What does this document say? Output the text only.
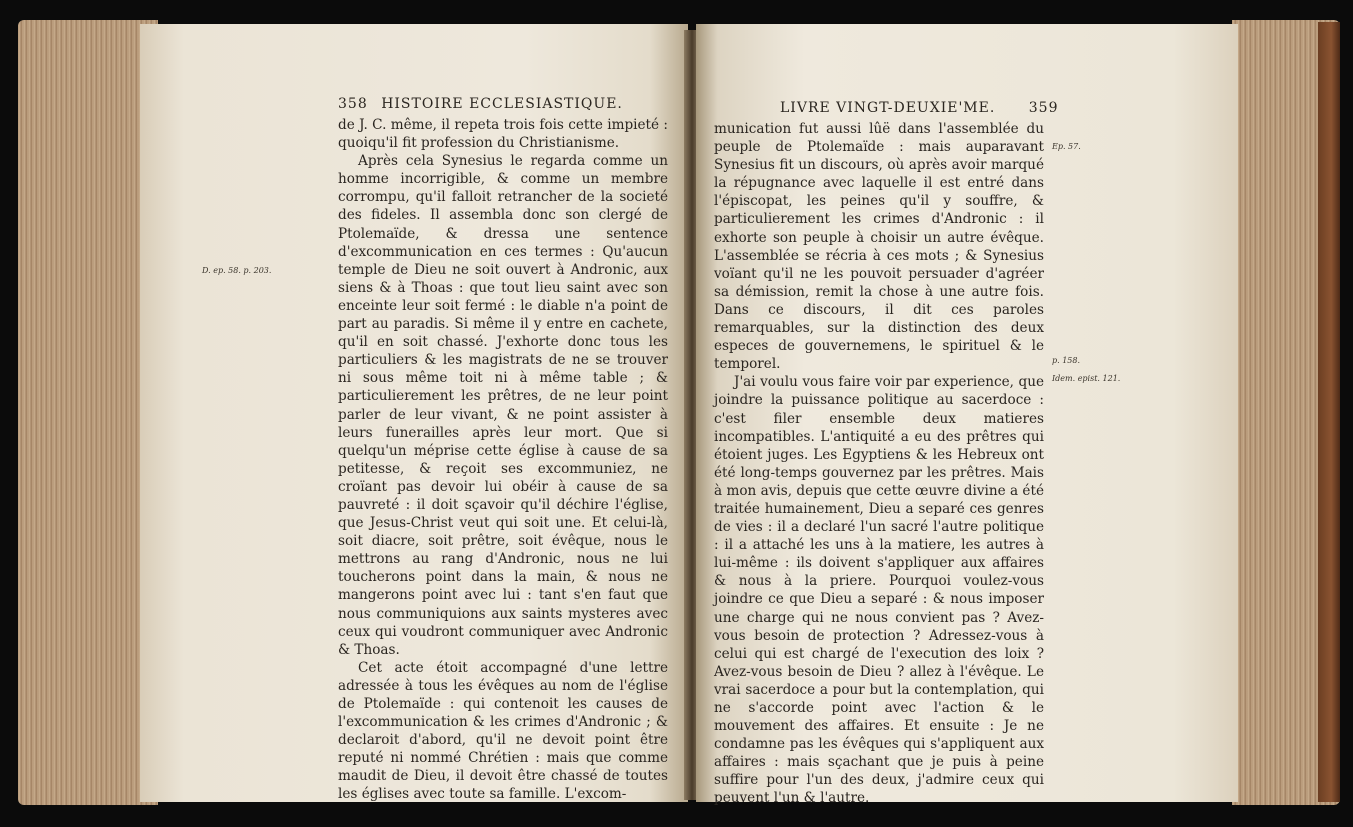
358 HISTOIRE ECCLESIASTIQUE.
D. ep. 58. p. 203.

de J. C. même, il repeta trois fois cette impieté : quoiqu'il fit profession du Christianisme.

Après cela Synesius le regarda comme un homme incorrigible, & comme un membre corrompu, qu'il falloit retrancher de la societé des fideles. Il assembla donc son clergé de Ptolemaïde, & dressa une sentence d'excommunication en ces termes : Qu'aucun temple de Dieu ne soit ouvert à Andronic, aux siens & à Thoas : que tout lieu saint avec son enceinte leur soit fermé : le diable n'a point de part au paradis. Si même il y entre en cachete, qu'il en soit chassé. J'exhorte donc tous les particuliers & les magistrats de ne se trouver ni sous même toit ni à même table ; & particulierement les prêtres, de ne leur point parler de leur vivant, & ne point assister à leurs funerailles après leur mort. Que si quelqu'un méprise cette église à cause de sa petitesse, & reçoit ses excommuniez, ne croïant pas devoir lui obéir à cause de sa pauvreté : il doit sçavoir qu'il déchire l'église, que Jesus-Christ veut qui soit une. Et celui-là, soit diacre, soit prêtre, soit évêque, nous le mettrons au rang d'Andronic, nous ne lui toucherons point dans la main, & nous ne mangerons point avec lui : tant s'en faut que nous communiquions aux saints mysteres avec ceux qui voudront communiquer avec Andronic & Thoas.

Cet acte étoit accompagné d'une lettre adressée à tous les évêques au nom de l'église de Ptolemaïde : qui contenoit les causes de l'excommunication & les crimes d'Andronic ; & declaroit d'abord, qu'il ne devoit point être reputé ni nommé Chrétien : mais que comme maudit de Dieu, il devoit être chassé de toutes les églises avec toute sa famille. L'excom-

LIVRE VINGT-DEUXIE'ME. 359
Ep. 57.
p. 158.
Idem. epist. 121.

munication fut aussi lûë dans l'assemblée du peuple de Ptolemaïde : mais auparavant Synesius fit un discours, où après avoir marqué la répugnance avec laquelle il est entré dans l'épiscopat, les peines qu'il y souffre, & particulierement les crimes d'Andronic : il exhorte son peuple à choisir un autre évêque. L'assemblée se récria à ces mots ; & Synesius voïant qu'il ne les pouvoit persuader d'agréer sa démission, remit la chose à une autre fois. Dans ce discours, il dit ces paroles remarquables, sur la distinction des deux especes de gouvernemens, le spirituel & le temporel.

J'ai voulu vous faire voir par experience, que joindre la puissance politique au sacerdoce : c'est filer ensemble deux matieres incompatibles. L'antiquité a eu des prêtres qui étoient juges. Les Egyptiens & les Hebreux ont été long-temps gouvernez par les prêtres. Mais à mon avis, depuis que cette œuvre divine a été traitée humainement, Dieu a separé ces genres de vies : il a declaré l'un sacré l'autre politique : il a attaché les uns à la matiere, les autres à lui-même : ils doivent s'appliquer aux affaires & nous à la priere. Pourquoi voulez-vous joindre ce que Dieu a separé : & nous imposer une charge qui ne nous convient pas ? Avez-vous besoin de protection ? Adressez-vous à celui qui est chargé de l'execution des loix ? Avez-vous besoin de Dieu ? allez à l'évêque. Le vrai sacerdoce a pour but la contemplation, qui ne s'accorde point avec l'action & le mouvement des affaires. Et ensuite : Je ne condamne pas les évêques qui s'appliquent aux affaires : mais sçachant que je puis à peine suffire pour l'un des deux, j'admire ceux qui peuvent l'un & l'autre.
